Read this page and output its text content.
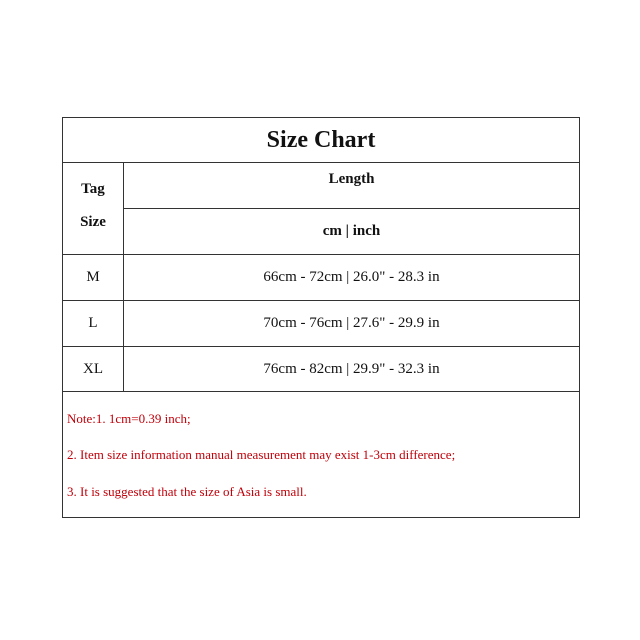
Size Chart
Tag
Size
M
L
XL
Length
cm | inch
66cm - 72cm | 26.0" - 28.3 in
70cm - 76cm | 27.6" - 29.9 in
76cm - 82cm | 29.9" - 32.3 in
Note:1. 1cm=0.39 inch;
2. Item size information manual measurement may exist 1-3cm difference;
3. It is suggested that the size of Asia is small.
